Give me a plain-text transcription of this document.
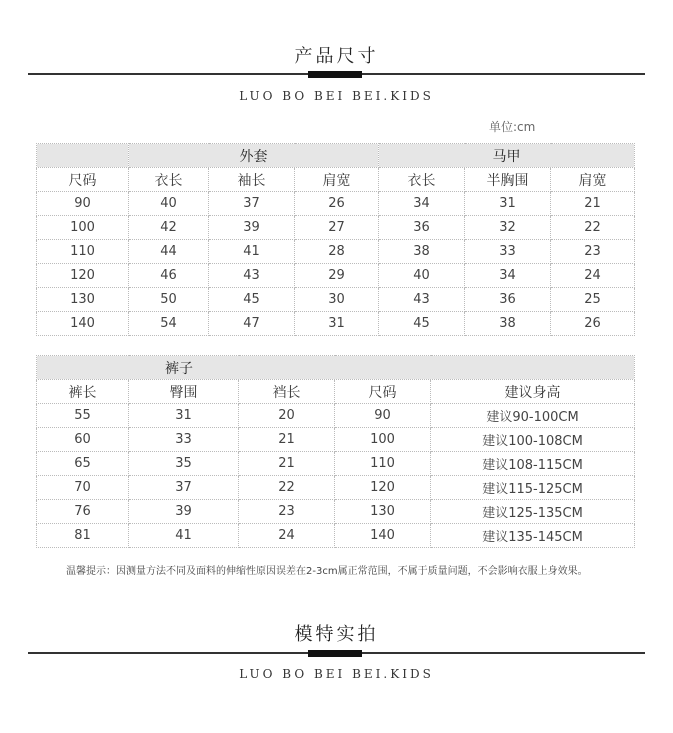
产品尺寸
LUO BO BEI BEI.KIDS
单位:cm
	外套			马甲		
尺码	衣长	袖长	肩宽	衣长	半胸围	肩宽
90	40	37	26	34	31	21
100	42	39	27	36	32	22
110	44	41	28	38	33	23
120	46	43	29	40	34	24
130	50	45	30	43	36	25
140	54	47	31	45	38	26
裤子				
裤长	臀围	裆长	尺码	建议身高
55	31	20	90	建议90-100CM
60	33	21	100	建议100-108CM
65	35	21	110	建议108-115CM
70	37	22	120	建议115-125CM
76	39	23	130	建议125-135CM
81	41	24	140	建议135-145CM
温馨提示：因测量方法不同及面料的伸缩性原因误差在2-3cm属正常范围，不属于质量问题，不会影响衣服上身效果。
模特实拍
LUO BO BEI BEI.KIDS
